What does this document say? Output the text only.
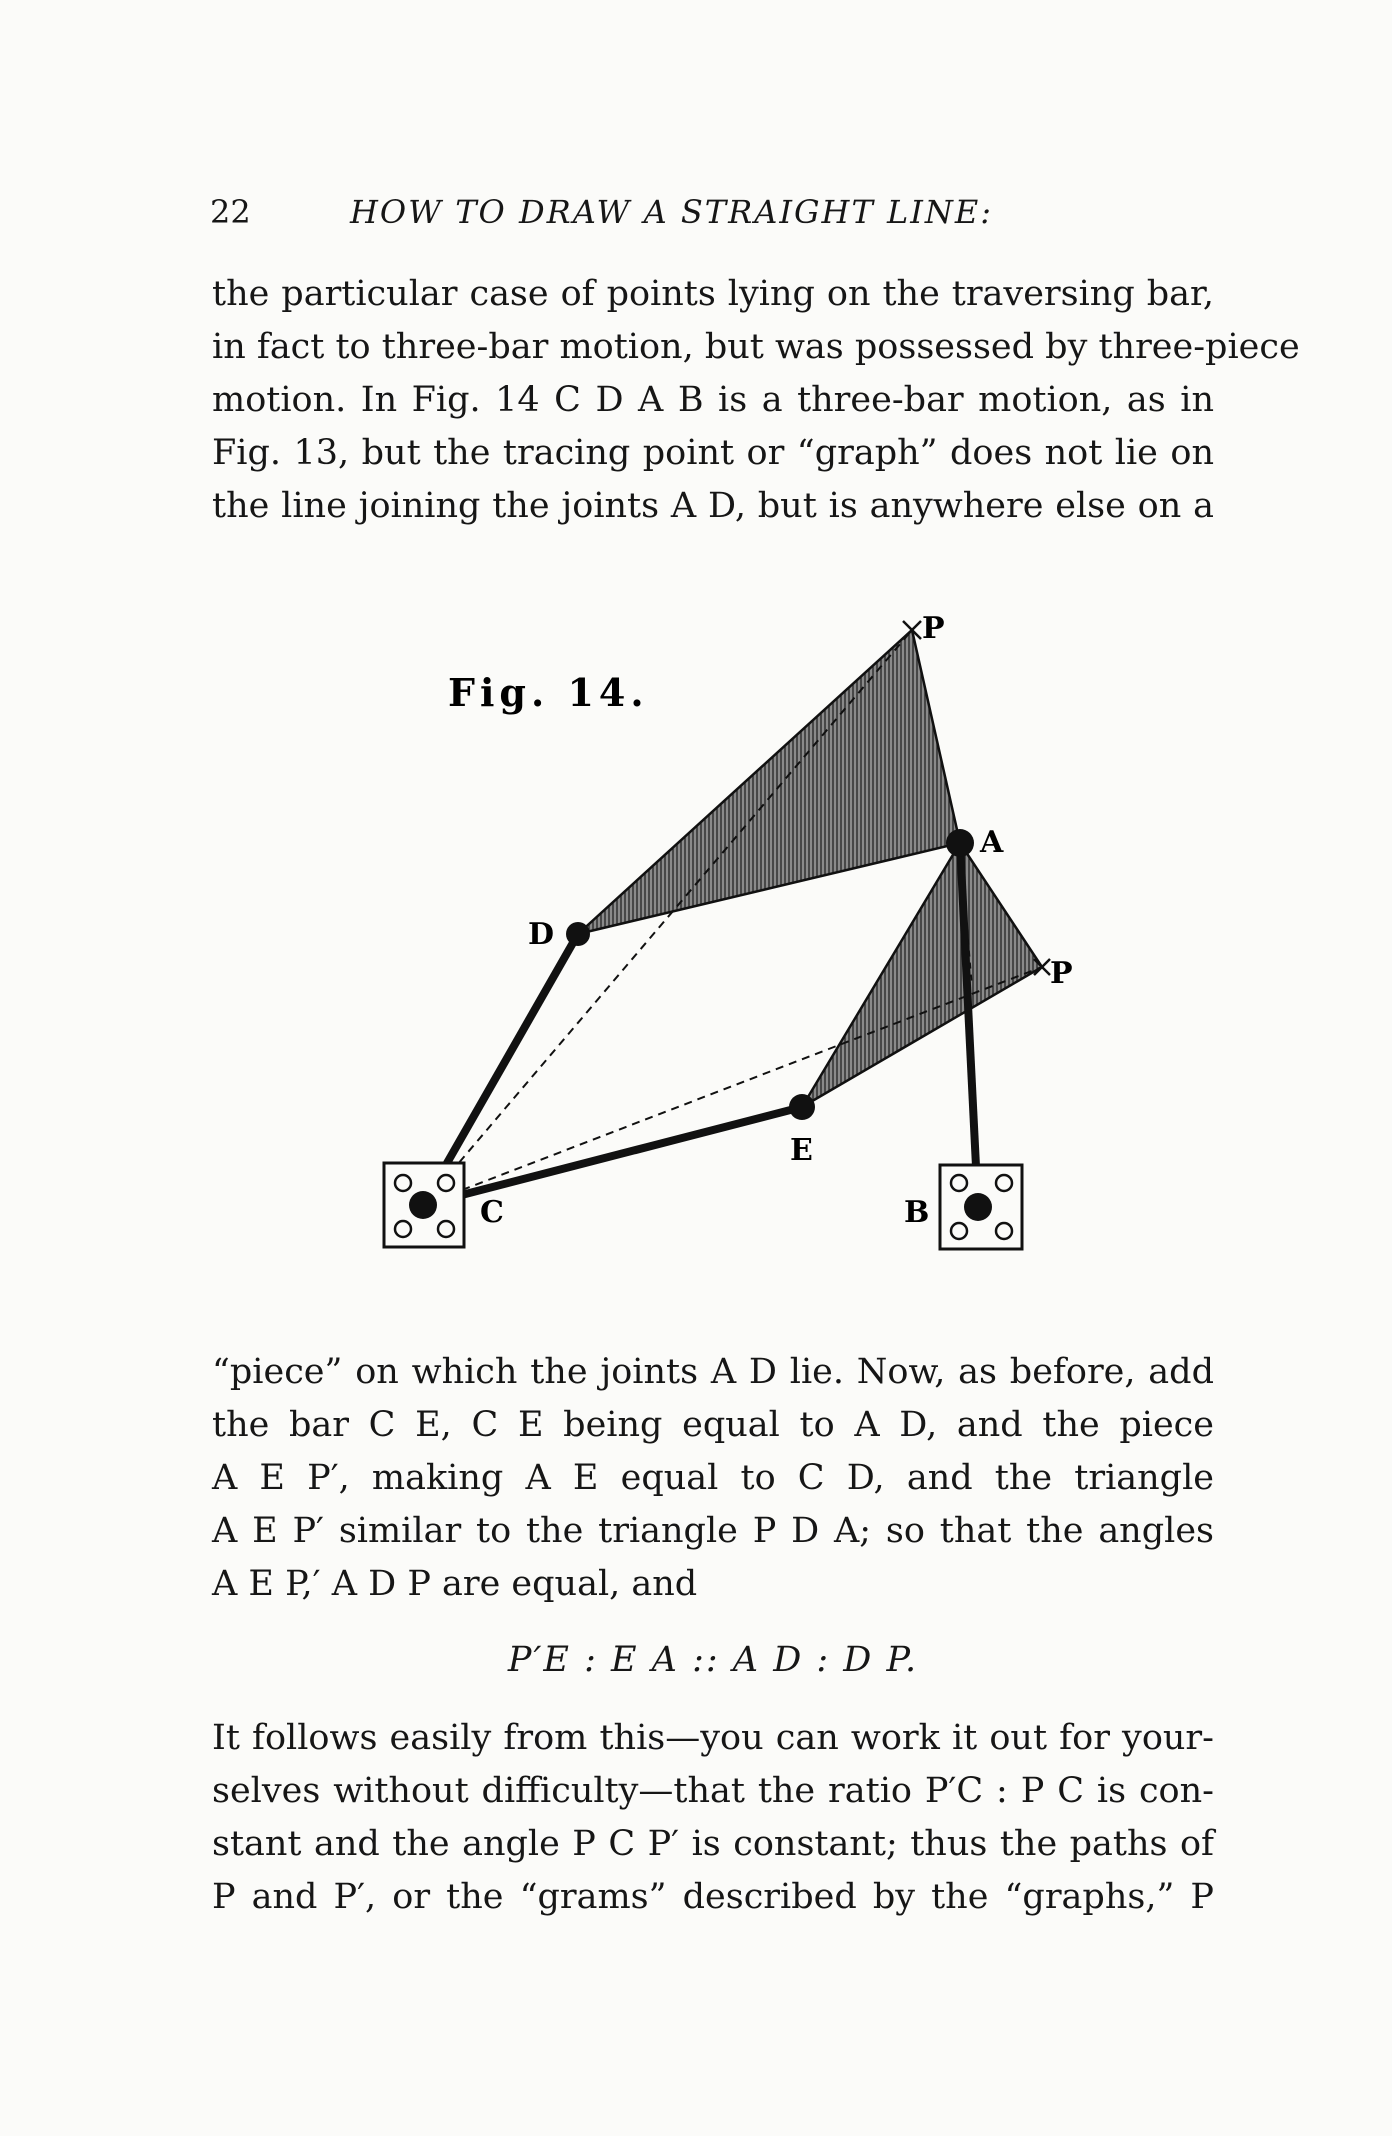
22	HOW TO DRAW A STRAIGHT LINE:
the particular case of points lying on the traversing bar,
in fact to three-bar motion, but was possessed by three-piece
motion. In Fig. 14 C D A B is a three-bar motion, as in
Fig. 13, but the tracing point or “graph” does not lie on
the line joining the joints A D, but is anywhere else on a
Fig. 14.
P
A
D
P
E
C	B
“piece” on which the joints A D lie. Now, as before, add
the bar C E, C E being equal to A D, and the piece
A E P′, making A E equal to C D, and the triangle
A E P′ similar to the triangle P D A; so that the angles
A E P,′ A D P are equal, and
P′E : E A :: A D : D P.
It follows easily from this—you can work it out for your-
selves without difficulty—that the ratio P′C : P C is con-
stant and the angle P C P′ is constant; thus the paths of
P and P′, or the “grams” described by the “graphs,” P
